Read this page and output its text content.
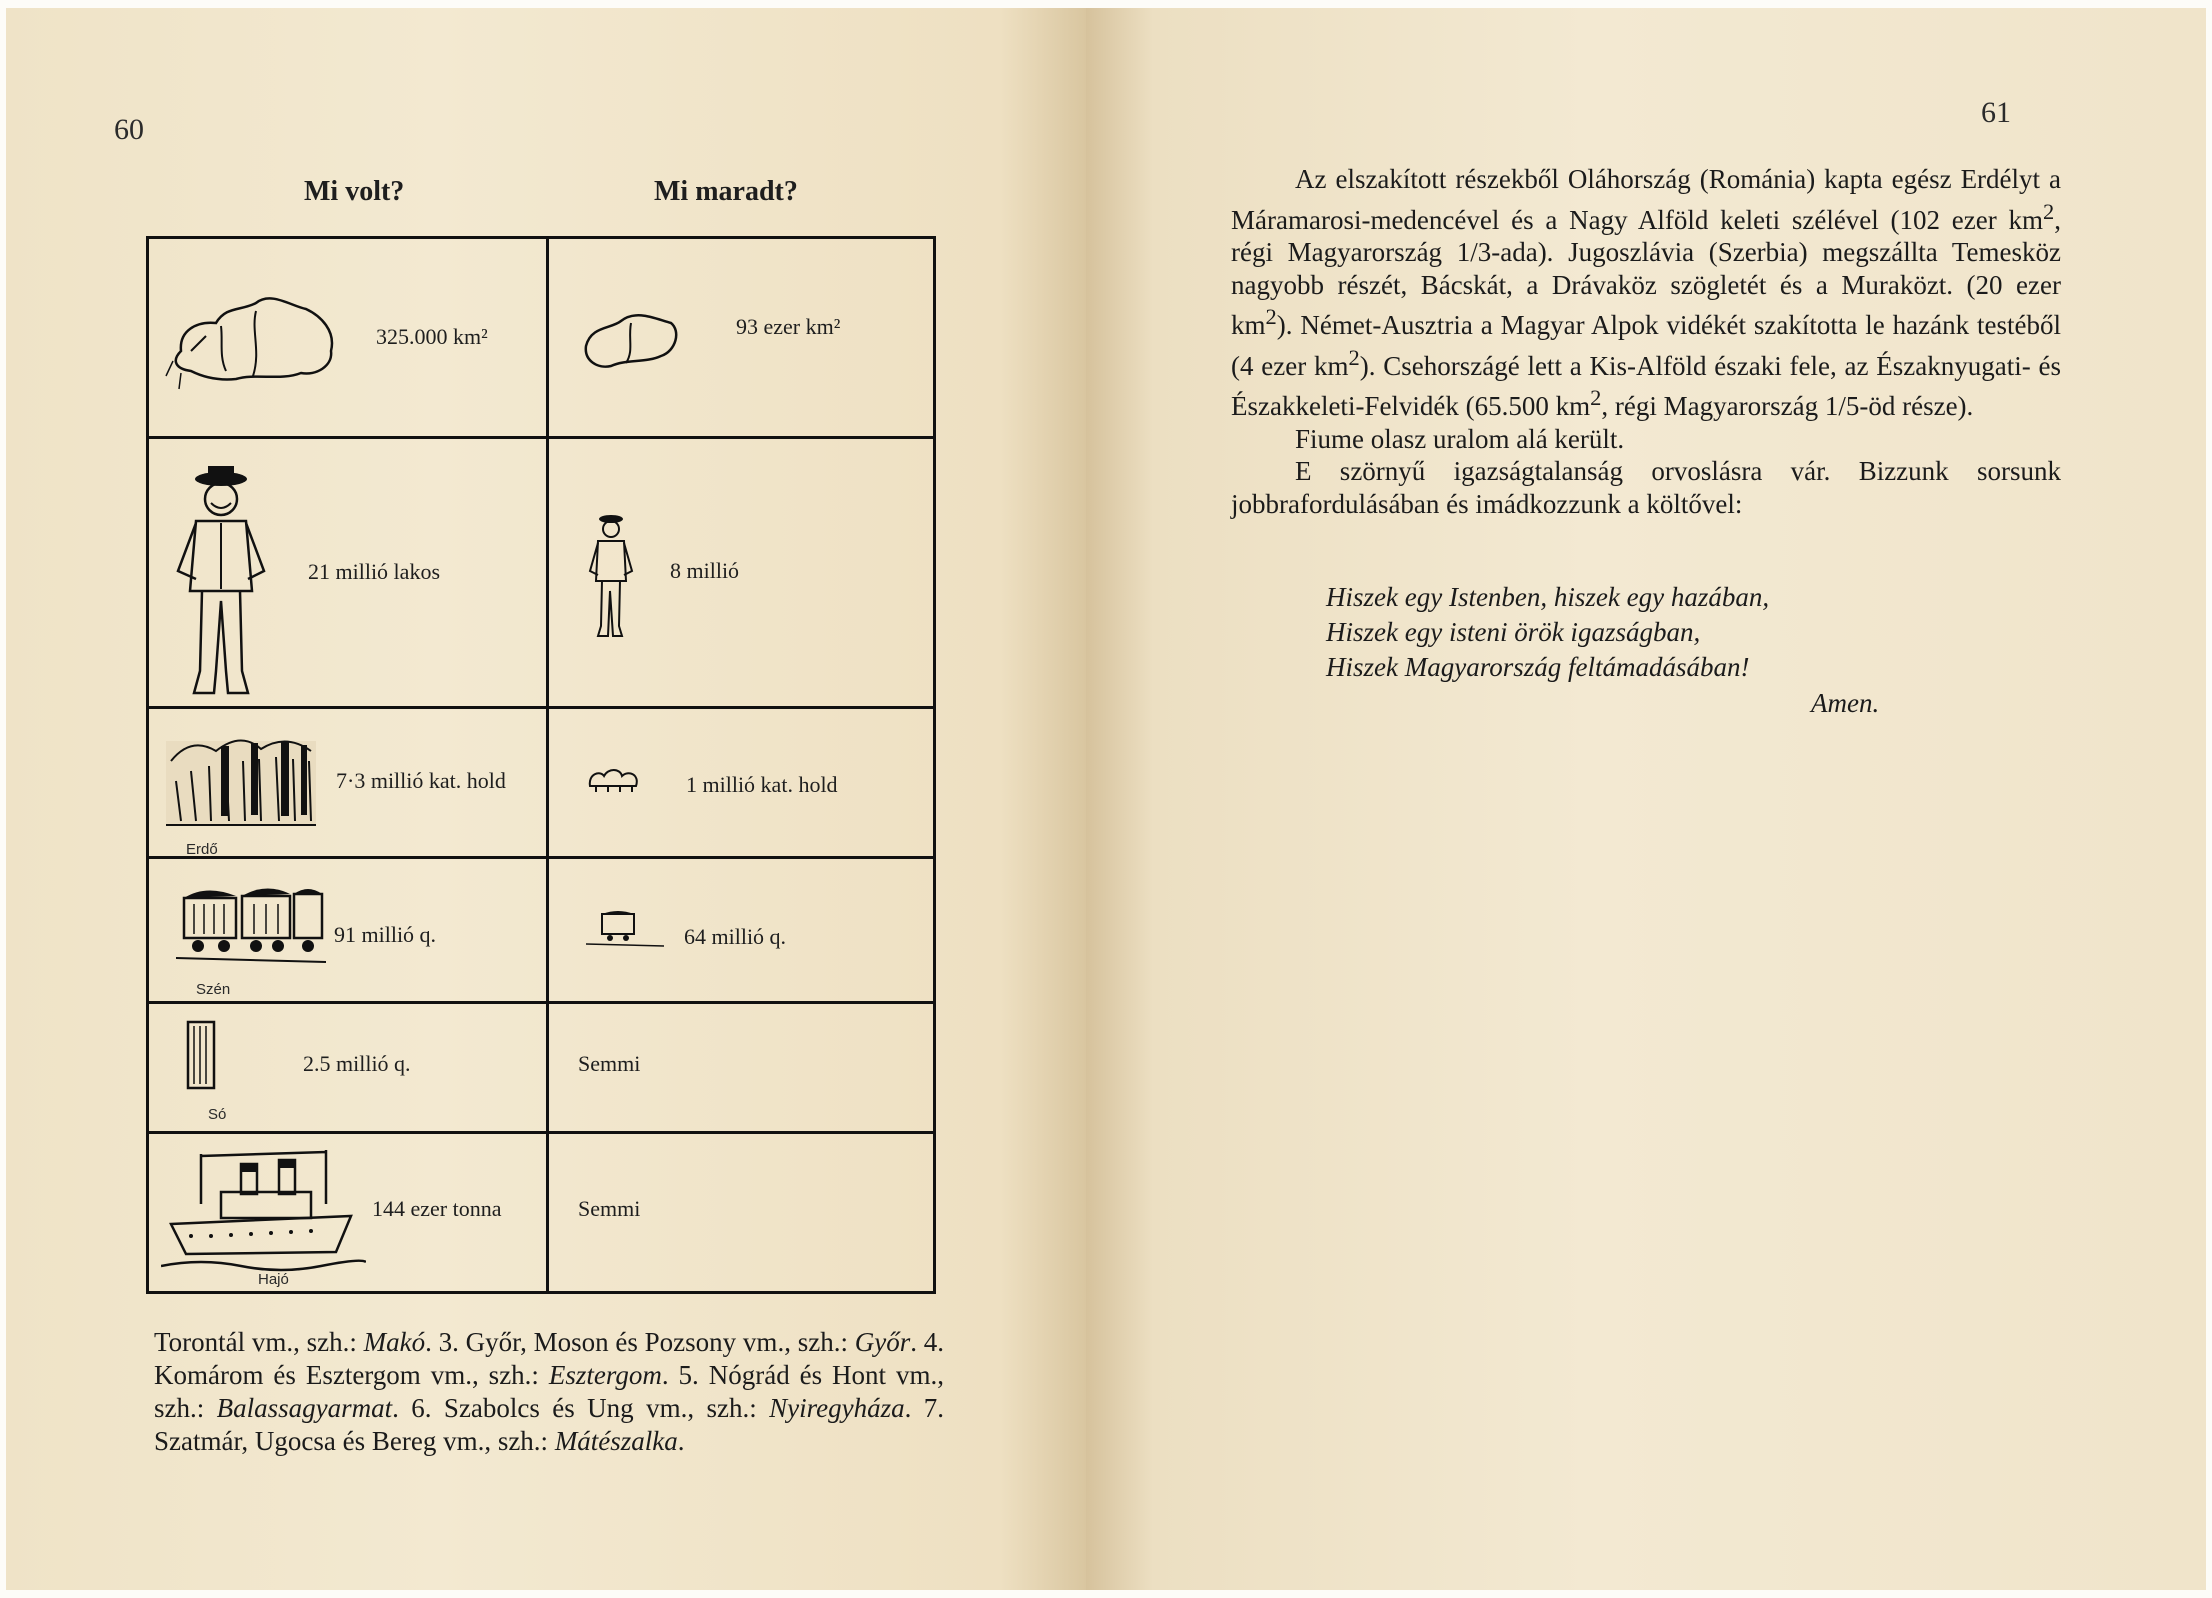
60
Mi volt?	Mi maradt?
325.000 km²	93 ezer km²
21 millió lakos	8 millió
7·3 millió kat. hold	1 millió kat. hold
Erdő
91 millió q.	64 millió q.
Szén
2.5 millió q.	Semmi
Só
144 ezer tonna	Semmi
Hajó
Torontál vm., szh.: Makó. 3. Győr, Moson és Pozsony vm., szh.: Győr. 4. Komárom és Esztergom vm., szh.: Esztergom. 5. Nógrád és Hont vm., szh.: Balassagyarmat. 6. Szabolcs és Ung vm., szh.: Nyiregyháza. 7. Szatmár, Ugocsa és Bereg vm., szh.: Mátészalka.
61

Az elszakított részekből Oláhország (Románia) kapta egész Erdélyt a Máramarosi-medencével és a Nagy Alföld keleti szélével (102 ezer $km^2$, régi Magyarország 1/3-ada). Jugoszlávia (Szerbia) megszállta Temesköz nagyobb részét, Bácskát, a Drávaköz szögletét és a Muraközt. (20 ezer $km^2$). Német-Ausztria a Magyar Alpok vidékét szakította le hazánk testéből (4 ezer $km^2$). Csehországé lett a Kis-Alföld északi fele, az Északnyugati- és Északkeleti-Felvidék (65.500 $km^2$, régi Magyarország 1/5-öd része).

Fiume olasz uralom alá került.

E szörnyű igazságtalanság orvoslásra vár. Bizzunk sorsunk jobbrafordulásában és imádkozzunk a költővel:

Hiszek egy Istenben, hiszek egy hazában,
Hiszek egy isteni örök igazságban,
Hiszek Magyarország feltámadásában!
Amen.
